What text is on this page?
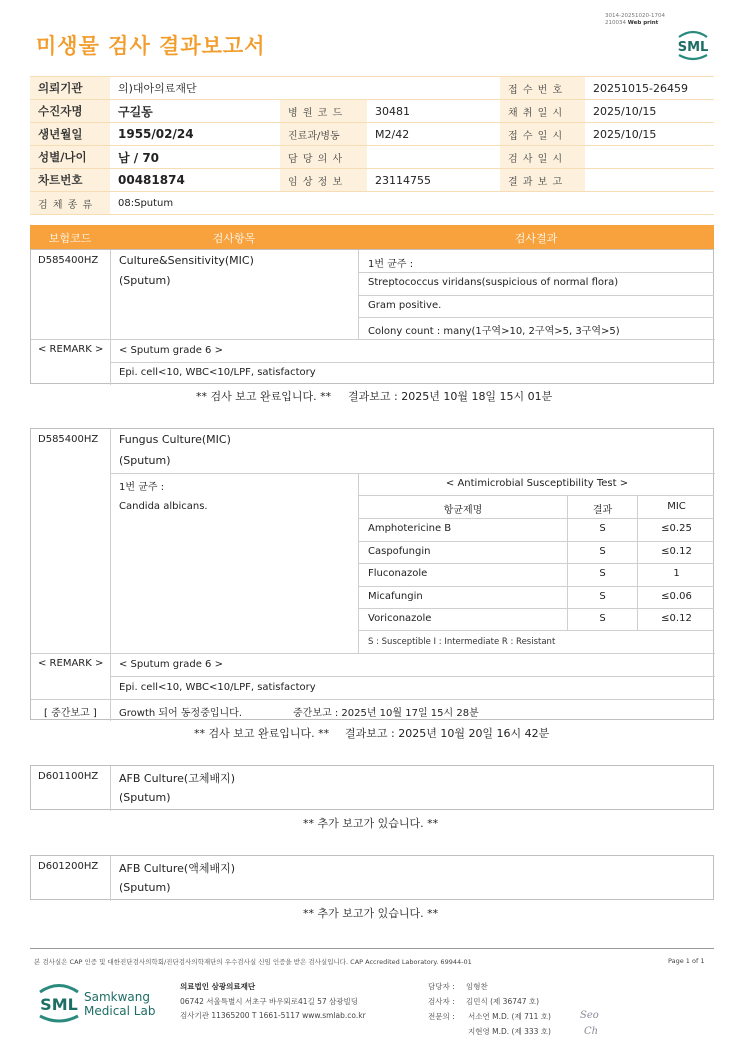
미생물 검사 결과보고서
3014-20251020-1704
210034 Web print
SML
의뢰기관	의)대아의료재단			접 수 번 호	20251015-26459
수진자명	구길동	병 원 코 드	30481	채 취 일 시	2025/10/15
생년월일	1955/02/24	진료과/병동	M2/42	접 수 일 시	2025/10/15
성별/나이	남 / 70	담 당 의 사		검 사 일 시	
차트번호	00481874	임 상 정 보	23114755	결 과 보 고	
검 체 종 류	08:Sputum				
보험코드	검사항목	검사결과
D585400HZ Culture&Sensitivity(MIC)
(Sputum)
1번 균주 :
Streptococcus viridans(suspicious of normal flora)
Gram positive.
Colony count : many(1구역>10, 2구역>5, 3구역>5)
< REMARK > < Sputum grade 6 >
Epi. cell<10, WBC<10/LPF, satisfactory
** 검사 보고 완료입니다. ** 결과보고 : 2025년 10월 18일 15시 01분
D585400HZ Fungus Culture(MIC)
(Sputum)
1번 균주 :
Candida albicans.
< Antimicrobial Susceptibility Test >
항균제명	결과	MIC
Amphotericine B	S	≤0.25
Caspofungin	S	≤0.12
Fluconazole	S	1
Micafungin	S	≤0.06
Voriconazole	S	≤0.12
S : Susceptible I : Intermediate R : Resistant
< REMARK > < Sputum grade 6 >
Epi. cell<10, WBC<10/LPF, satisfactory
[ 중간보고 ] Growth 되어 동정중입니다.	중간보고 : 2025년 10월 17일 15시 28분
** 검사 보고 완료입니다. ** 결과보고 : 2025년 10월 20일 16시 42분
D601100HZ AFB Culture(고체배지)
(Sputum)
** 추가 보고가 있습니다. **
D601200HZ AFB Culture(액체배지)
(Sputum)
** 추가 보고가 있습니다. **
본 검사실은 CAP 인증 및 대한진단검사의학회/진단검사의학재단의 우수검사실 신임 인증을 받은 검사실입니다. CAP Accredited Laboratory. 69944-01	Page 1 of 1
SML Samkwang
Medical Lab
의료법인 삼광의료재단
06742 서울특별시 서초구 바우뫼로41길 57 삼광빌딩
검사기관 11365200 T 1661-5117 www.smlab.co.kr
담당자 : 임형찬
검사자 : 김민식 (제 36747 호)
전문의 : 서소연 M.D. (제 711 호)
지현영 M.D. (제 333 호)
Seo
Ch
